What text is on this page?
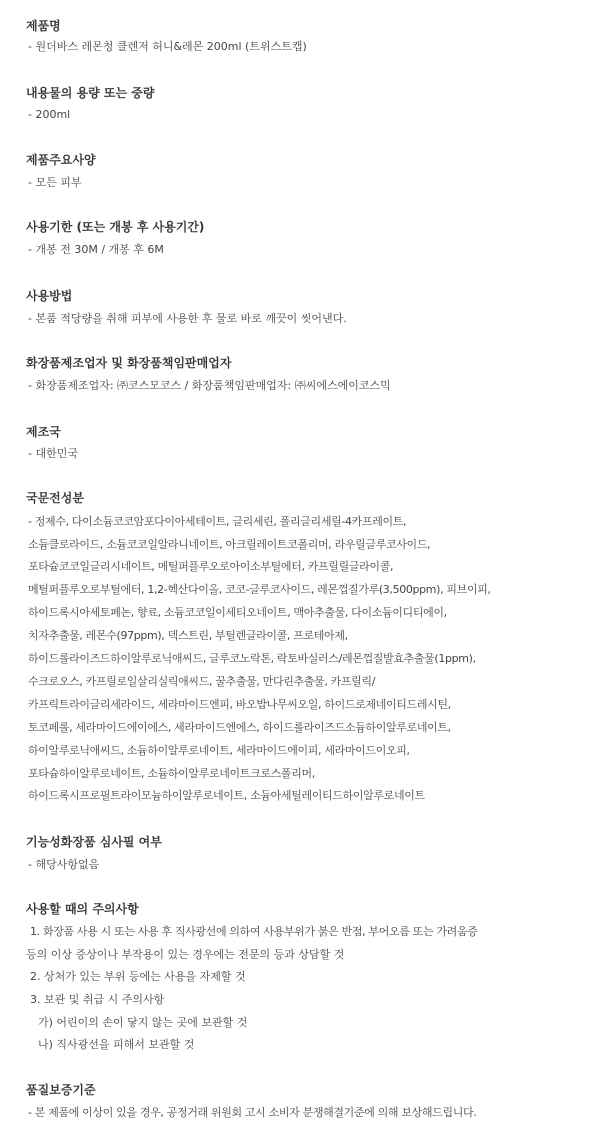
제품명

- 원더바스 레몬청 클렌저 허니&레몬 200ml (트위스트캡)

내용물의 용량 또는 중량

- 200ml

제품주요사양

- 모든 피부

사용기한 (또는 개봉 후 사용기간)

- 개봉 전 30M / 개봉 후 6M

사용방법

- 본품 적당량을 취해 피부에 사용한 후 물로 바로 깨끗이 씻어낸다.

화장품제조업자 및 화장품책임판매업자

- 화장품제조업자: ㈜코스모코스 / 화장품책임판매업자: ㈜씨에스에이코스믹

제조국

- 대한민국

국문전성분

- 정제수, 다이소듐코코암포다이아세테이트, 글리세린, 폴리글리세릴-4카프레이트,

소듐클로라이드, 소듐코코일알라니네이트, 아크릴레이트코폴리머, 라우릴글루코사이드,

포타슘코코일글리시네이트, 메틸퍼플루오로아이소부틸에터, 카프릴릴글라이콜,

메틸퍼플루오로부틸에터, 1,2-헥산다이올, 코코-글루코사이드, 레몬껍질가루(3,500ppm), 피브이피,

하이드록시아세토페논, 향료, 소듐코코일이세티오네이트, 맥아추출물, 다이소듐이디티에이,

치자추출물, 레몬수(97ppm), 덱스트린, 부틸렌글라이콜, 프로테아제,

하이드롤라이즈드하이알루로닉애씨드, 글루코노락톤, 락토바실러스/레몬껍질발효추출물(1ppm),

수크로오스, 카프릴로일살리실릭애씨드, 꿀추출물, 만다린추출물, 카프릴릭/

카프릭트라이글리세라이드, 세라마이드엔피, 바오밥나무씨오일, 하이드로제네이티드레시틴,

토코페롤, 세라마이드에이에스, 세라마이드엔에스, 하이드롤라이즈드소듐하이알루로네이트,

하이알루로닉애씨드, 소듐하이알루로네이트, 세라마이드에이피, 세라마이드이오피,

포타슘하이알루로네이트, 소듐하이알루로네이트크로스폴리머,

하이드록시프로필트라이모늄하이알루로네이트, 소듐아세틸레이티드하이알루로네이트

기능성화장품 심사필 여부

- 해당사항없음

사용할 때의 주의사항

1. 화장품 사용 시 또는 사용 후 직사광선에 의하여 사용부위가 붉은 반점, 부어오름 또는 가려움증

등의 이상 증상이나 부작용이 있는 경우에는 전문의 등과 상담할 것

2. 상처가 있는 부위 등에는 사용을 자제할 것

3. 보관 및 취급 시 주의사항

가) 어린이의 손이 닿지 않는 곳에 보관할 것

나) 직사광선을 피해서 보관할 것

품질보증기준

- 본 제품에 이상이 있을 경우, 공정거래 위원회 고시 소비자 분쟁해결기준에 의해 보상해드립니다.
